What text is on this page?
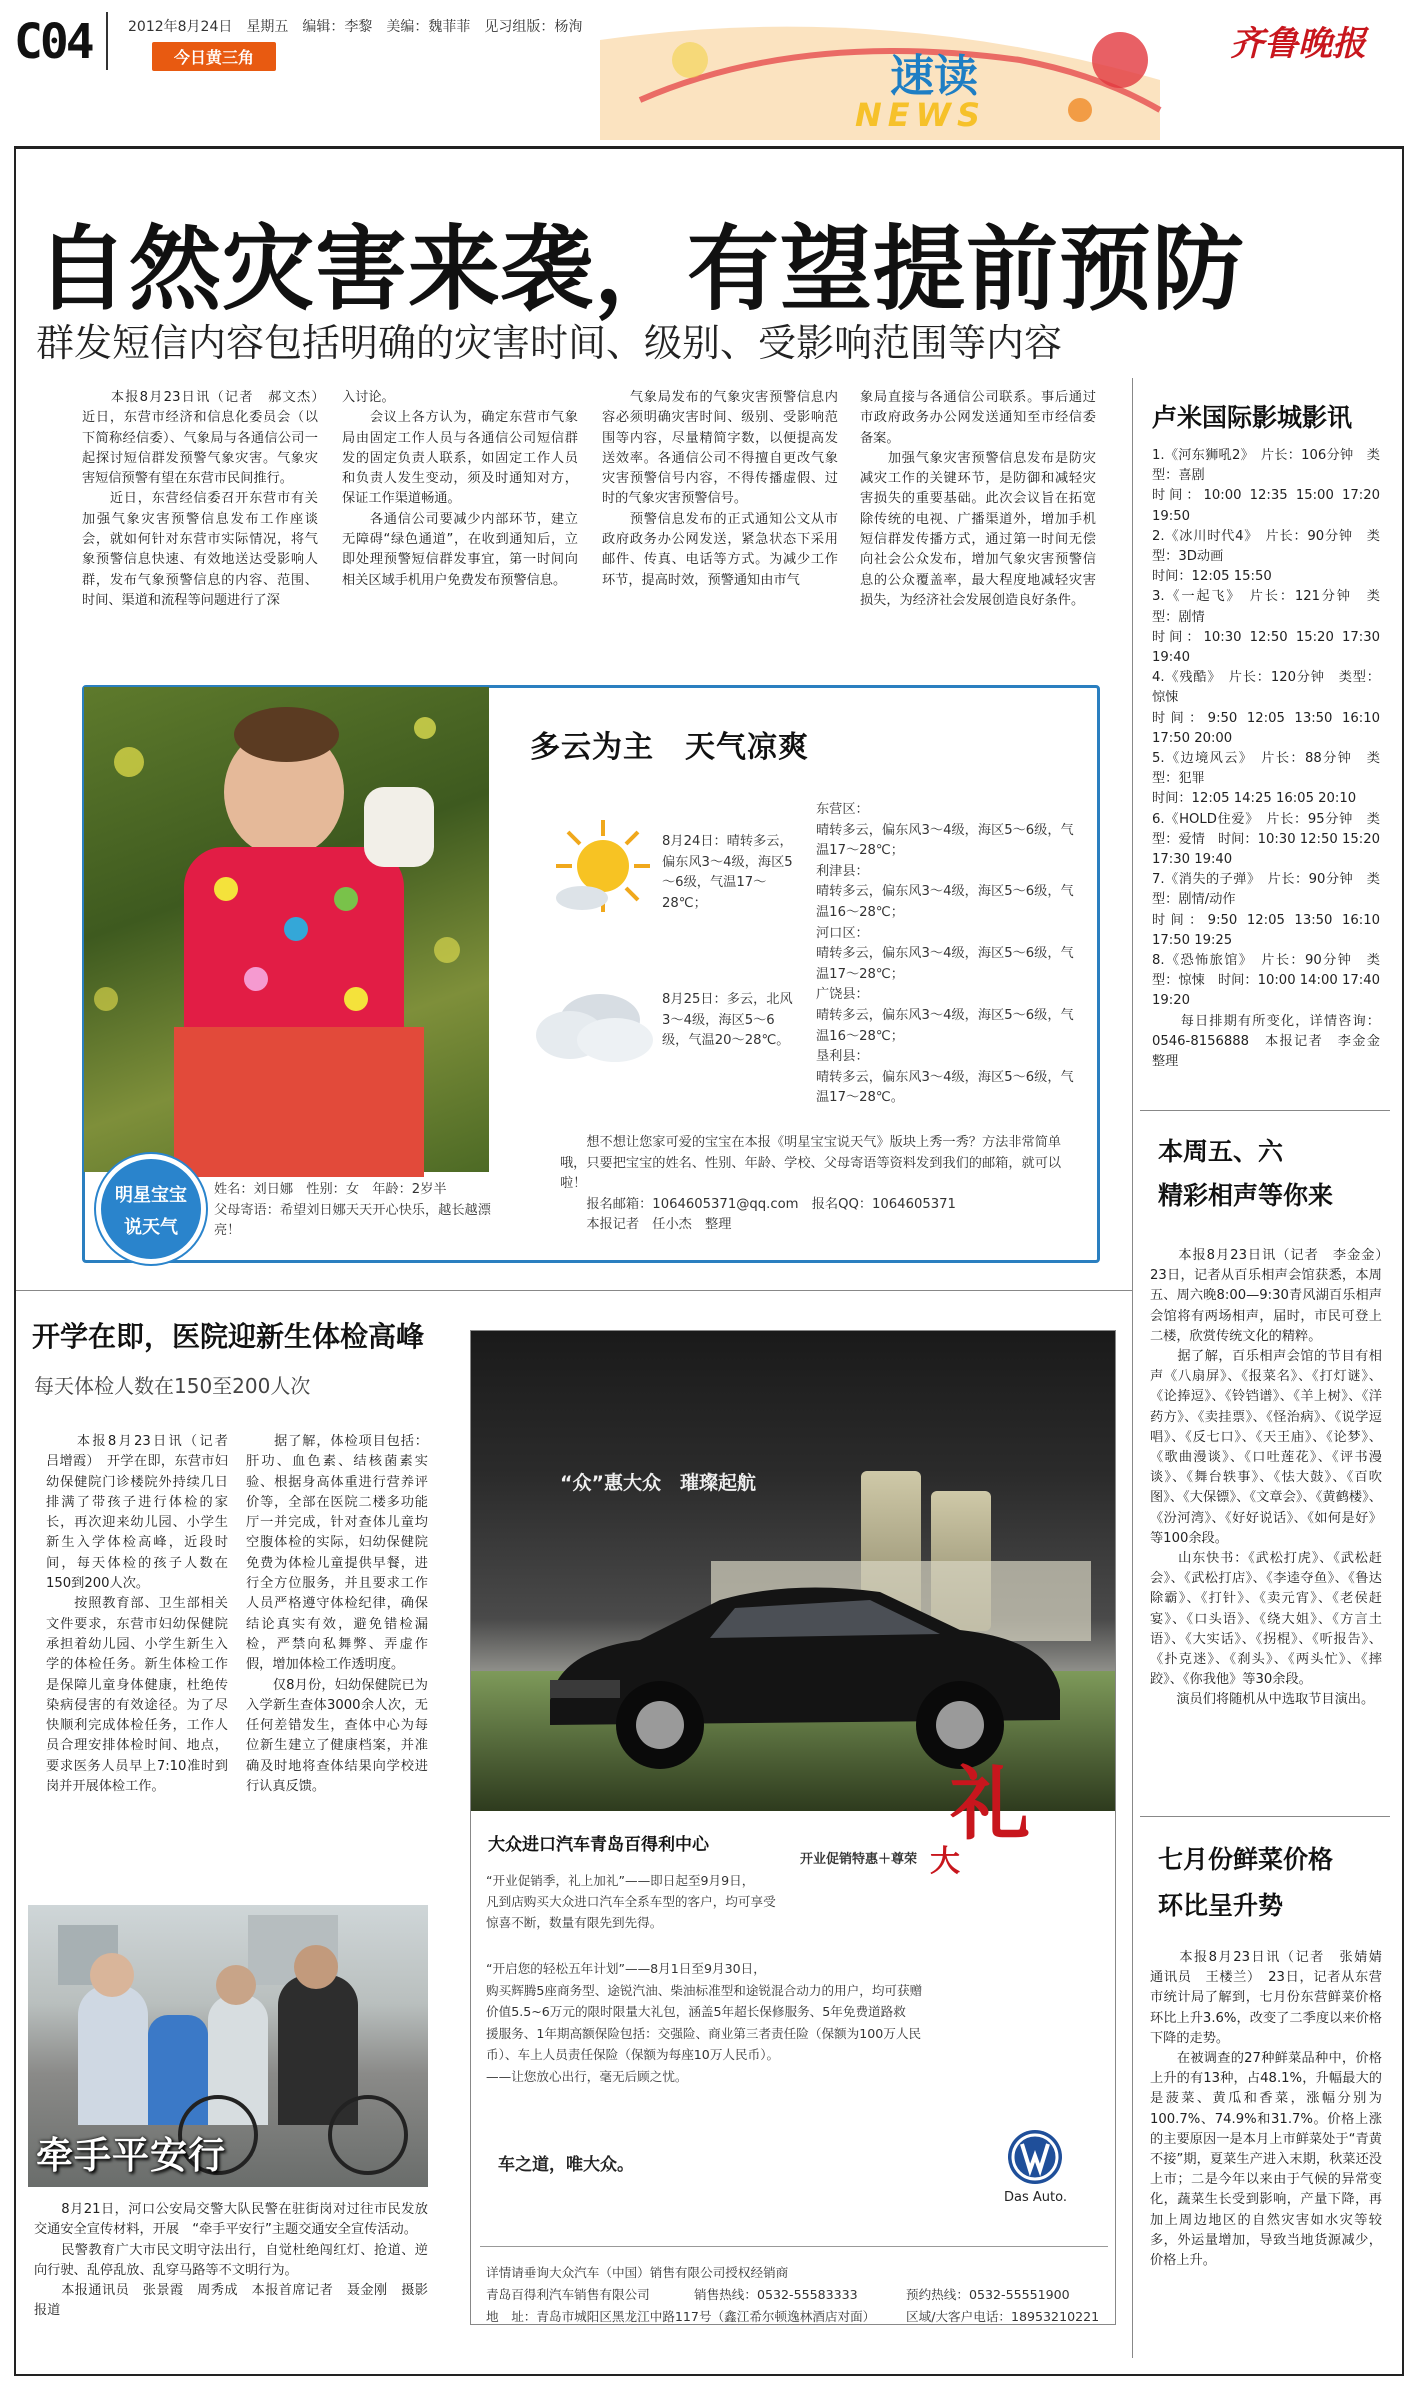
C04	2012年8月24日　星期五　编辑：李黎　美编：魏菲菲　见习组版：杨洵
今日黄三角	速读
NEWS
齐鲁晚报
自然灾害来袭，有望提前预防
群发短信内容包括明确的灾害时间、级别、受影响范围等内容
　　本报8月23日讯（记者　郝文杰）　近日，东营市经济和信息化委员会（以下简称经信委）、气象局与各通信公司一起探讨短信群发预警气象灾害。气象灾害短信预警有望在东营市民间推行。
　　近日，东营经信委召开东营市有关加强气象灾害预警信息发布工作座谈会，就如何针对东营市实际情况，将气象预警信息快速、有效地送达受影响人群，发布气象预警信息的内容、范围、时间、渠道和流程等问题进行了深
入讨论。
　　会议上各方认为，确定东营市气象局由固定工作人员与各通信公司短信群发的固定负责人联系，如固定工作人员和负责人发生变动，须及时通知对方，保证工作渠道畅通。
　　各通信公司要减少内部环节，建立无障碍“绿色通道”，在收到通知后，立即处理预警短信群发事宜，第一时间向相关区域手机用户免费发布预警信息。
　　气象局发布的气象灾害预警信息内容必须明确灾害时间、级别、受影响范围等内容，尽量精简字数，以便提高发送效率。各通信公司不得擅自更改气象灾害预警信号内容，不得传播虚假、过时的气象灾害预警信号。
　　预警信息发布的正式通知公文从市政府政务办公网发送，紧急状态下采用邮件、传真、电话等方式。为减少工作环节，提高时效，预警通知由市气
象局直接与各通信公司联系。事后通过市政府政务办公网发送通知至市经信委备案。
　　加强气象灾害预警信息发布是防灾减灾工作的关键环节，是防御和减轻灾害损失的重要基础。此次会议旨在拓宽除传统的电视、广播渠道外，增加手机短信群发传播方式，通过第一时间无偿向社会公众发布，增加气象灾害预警信息的公众覆盖率，最大程度地减轻灾害损失，为经济社会发展创造良好条件。
明星宝宝
说天气
姓名：刘日娜　性别：女　年龄：2岁半
父母寄语：希望刘日娜天天开心快乐，越长越漂亮！
多云为主　天气凉爽
8月24日：晴转多云，偏东风3～4级，海区5～6级，气温17～28℃；
8月25日：多云，北风3～4级，海区5～6级，气温20～28℃。
东营区：
晴转多云，偏东风3～4级，海区5～6级，气温17～28℃；
利津县：
晴转多云，偏东风3～4级，海区5～6级，气温16～28℃；
河口区：
晴转多云，偏东风3～4级，海区5～6级，气温17～28℃；
广饶县：
晴转多云，偏东风3～4级，海区5～6级，气温16～28℃；
垦利县：
晴转多云，偏东风3～4级，海区5～6级，气温17～28℃。
　　想不想让您家可爱的宝宝在本报《明星宝宝说天气》版块上秀一秀？方法非常简单哦，只要把宝宝的姓名、性别、年龄、学校、父母寄语等资料发到我们的邮箱，就可以啦！
　　报名邮箱：1064605371@qq.com　报名QQ：1064605371
　　本报记者　任小杰　整理
卢米国际影城影讯
1.《河东狮吼2》　片长：106分钟　类型：喜剧
时间：10:00 12:35 15:00 17:20 19:50
2.《冰川时代4》　片长：90分钟　类型：3D动画
时间：12:05 15:50
3.《一起飞》　片长：121分钟　类型：剧情
时间：10:30 12:50 15:20 17:30 19:40
4.《残酷》　片长：120分钟　类型：惊悚
时间：9:50 12:05 13:50 16:10 17:50 20:00
5.《边境风云》　片长：88分钟　类型：犯罪
时间：12:05 14:25 16:05 20:10
6.《HOLD住爱》　片长：95分钟　类型：爱情　时间：10:30 12:50 15:20 17:30 19:40
7.《消失的子弹》　片长：90分钟　类型：剧情/动作
时间：9:50 12:05 13:50 16:10 17:50 19:25
8.《恐怖旅馆》　片长：90分钟　类型：惊悚　时间：10:00 14:00 17:40 19:20
　　每日排期有所变化，详情咨询：0546-8156888　本报记者　李金金　整理
本周五、六
精彩相声等你来
　　本报8月23日讯（记者　李金金）　23日，记者从百乐相声会馆获悉，本周五、周六晚8:00—9:30青风湖百乐相声会馆将有两场相声，届时，市民可登上二楼，欣赏传统文化的精粹。
　　据了解，百乐相声会馆的节目有相声《八扇屏》、《报菜名》、《打灯谜》、《论捧逗》、《铃铛谱》、《羊上树》、《洋药方》、《卖挂票》、《怪治病》、《说学逗唱》、《反七口》、《天王庙》、《论梦》、《歌曲漫谈》、《口吐莲花》、《评书漫谈》、《舞台轶事》、《怯大鼓》、《百吹图》、《大保镖》、《文章会》、《黄鹤楼》、《汾河湾》、《好好说话》、《如何是好》等100余段。
　　山东快书：《武松打虎》、《武松赶会》、《武松打店》、《李逵夺鱼》、《鲁达除霸》、《打针》、《卖元宵》、《老侯赶宴》、《口头语》、《绕大姐》、《方言土语》、《大实话》、《拐棍》、《听报告》、《扑克迷》、《刹头》、《两头忙》、《摔跤》、《你我他》等30余段。
　　演员们将随机从中选取节目演出。
七月份鲜菜价格
环比呈升势
　　本报8月23日讯（记者　张婧婧　通讯员　王楼兰）　23日，记者从东营市统计局了解到，七月份东营鲜菜价格环比上升3.6%，改变了二季度以来价格下降的走势。
　　在被调查的27种鲜菜品种中，价格上升的有13种，占48.1%，升幅最大的是菠菜、黄瓜和香菜，涨幅分别为100.7%、74.9%和31.7%。价格上涨的主要原因一是本月上市鲜菜处于“青黄不接”期，夏菜生产进入末期，秋菜还没上市；二是今年以来由于气候的异常变化，蔬菜生长受到影响，产量下降，再加上周边地区的自然灾害如水灾等较多，外运量增加，导致当地货源减少，价格上升。
开学在即，医院迎新生体检高峰
每天体检人数在150至200人次
　　本报8月23日讯（记者　吕增霞）　开学在即，东营市妇幼保健院门诊楼院外持续几日排满了带孩子进行体检的家长，再次迎来幼儿园、小学生新生入学体检高峰，近段时间，每天体检的孩子人数在150到200人次。
　　按照教育部、卫生部相关文件要求，东营市妇幼保健院承担着幼儿园、小学生新生入学的体检任务。新生体检工作是保障儿童身体健康，杜绝传染病侵害的有效途径。为了尽快顺利完成体检任务，工作人员合理安排体检时间、地点，要求医务人员早上7:10准时到岗并开展体检工作。
　　据了解，体检项目包括：肝功、血色素、结核菌素实验、根据身高体重进行营养评价等，全部在医院二楼多功能厅一并完成，针对查体儿童均空腹体检的实际，妇幼保健院免费为体检儿童提供早餐，进行全方位服务，并且要求工作人员严格遵守体检纪律，确保结论真实有效，避免错检漏检，严禁向私舞弊、弄虚作假，增加体检工作透明度。
　　仅8月份，妇幼保健院已为入学新生查体3000余人次，无任何差错发生，查体中心为每位新生建立了健康档案，并准确及时地将查体结果向学校进行认真反馈。
牵手平安行
　　8月21日，河口公安局交警大队民警在驻街岗对过往市民发放交通安全宣传材料，开展　“牵手平安行”主题交通安全宣传活动。
　　民警教育广大市民文明守法出行，自觉杜绝闯红灯、抢道、逆向行驶、乱停乱放、乱穿马路等不文明行为。
　　本报通讯员　张景霞　周秀成　本报首席记者　聂金刚　摄影报道
“众”惠大众　璀璨起航
大众进口汽车青岛百得利中心	礼
大
开业促销特惠＋尊荣
“开业促销季，礼上加礼”——即日起至9月9日，
凡到店购买大众进口汽车全系车型的客户，均可享受
惊喜不断，数量有限先到先得。
“开启您的轻松五年计划”——8月1日至9月30日，
购买辉腾5座商务型、途锐汽油、柴油标准型和途锐混合动力的用户，均可获赠
价值5.5~6万元的限时限量大礼包，涵盖5年超长保修服务、5年免费道路救
援服务、1年期高额保险包括：交强险、商业第三者责任险（保额为100万人民
币）、车上人员责任保险（保额为每座10万人民币）。
——让您放心出行，毫无后顾之忧。
车之道，唯大众。
Das Auto.
详情请垂询大众汽车（中国）销售有限公司授权经销商
青岛百得利汽车销售有限公司	销售热线：0532-55583333	预约热线：0532-55551900
地　址：青岛市城阳区黑龙江中路117号（鑫江希尔顿逸林酒店对面） 区域/大客户电话：18953210221
